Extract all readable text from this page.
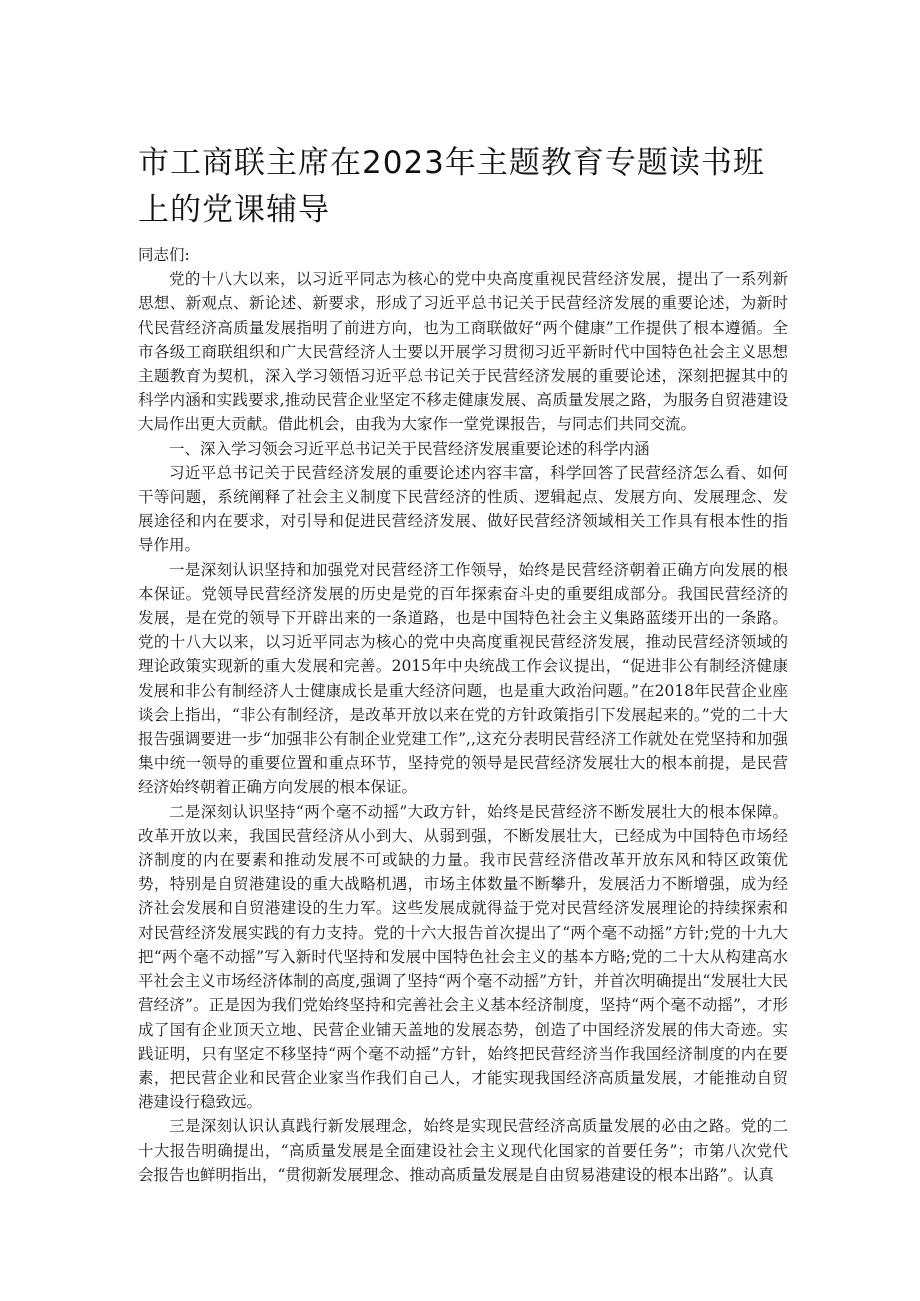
市工商联主席在2023年主题教育专题读书班上的党课辅导

同志们:

党的十八大以来，以习近平同志为核心的党中央高度重视民营经济发展，提出了一系列新思想、新观点、新论述、新要求，形成了习近平总书记关于民营经济发展的重要论述，为新时代民营经济高质量发展指明了前进方向，也为工商联做好“两个健康”工作提供了根本遵循。全市各级工商联组织和广大民营经济人士要以开展学习贯彻习近平新时代中国特色社会主义思想主题教育为契机，深入学习领悟习近平总书记关于民营经济发展的重要论述，深刻把握其中的科学内涵和实践要求,推动民营企业坚定不移走健康发展、高质量发展之路，为服务自贸港建设大局作出更大贡献。借此机会，由我为大家作一堂党课报告，与同志们共同交流。

一、深入学习领会习近平总书记关于民营经济发展重要论述的科学内涵

习近平总书记关于民营经济发展的重要论述内容丰富，科学回答了民营经济怎么看、如何干等问题，系统阐释了社会主义制度下民营经济的性质、逻辑起点、发展方向、发展理念、发展途径和内在要求，对引导和促进民营经济发展、做好民营经济领域相关工作具有根本性的指导作用。

一是深刻认识坚持和加强党对民营经济工作领导，始终是民营经济朝着正确方向发展的根本保证。党领导民营经济发展的历史是党的百年探索奋斗史的重要组成部分。我国民营经济的发展，是在党的领导下开辟出来的一条道路，也是中国特色社会主义集路蓝缕开出的一条路。党的十八大以来，以习近平同志为核心的党中央高度重视民营经济发展，推动民营经济领域的理论政策实现新的重大发展和完善。2015年中央统战工作会议提出，“促进非公有制经济健康发展和非公有制经济人士健康成长是重大经济问题，也是重大政治问题。”在2018年民营企业座谈会上指出，“非公有制经济，是改革开放以来在党的方针政策指引下发展起来的。”党的二十大报告强调要进一步“加强非公有制企业党建工作”,,这充分表明民营经济工作就处在党坚持和加强集中统一领导的重要位置和重点环节，坚持党的领导是民营经济发展壮大的根本前提，是民营经济始终朝着正确方向发展的根本保证。

二是深刻认识坚持“两个毫不动摇”大政方针，始终是民营经济不断发展壮大的根本保障。改革开放以来，我国民营经济从小到大、从弱到强，不断发展壮大，已经成为中国特色市场经济制度的内在要素和推动发展不可或缺的力量。我市民营经济借改革开放东风和特区政策优势，特别是自贸港建设的重大战略机遇，市场主体数量不断攀升，发展活力不断增强，成为经济社会发展和自贸港建设的生力军。这些发展成就得益于党对民营经济发展理论的持续探索和对民营经济发展实践的有力支持。党的十六大报告首次提出了“两个毫不动摇”方针;党的十九大把“两个毫不动摇”写入新时代坚持和发展中国特色社会主义的基本方略;党的二十大从构建高水平社会主义市场经济体制的高度,强调了坚持“两个毫不动摇”方针，并首次明确提出“发展壮大民营经济”。正是因为我们党始终坚持和完善社会主义基本经济制度，坚持“两个毫不动摇”，才形成了国有企业顶天立地、民营企业铺天盖地的发展态势，创造了中国经济发展的伟大奇迹。实践证明，只有坚定不移坚持“两个毫不动摇”方针，始终把民营经济当作我国经济制度的内在要素，把民营企业和民营企业家当作我们自己人，才能实现我国经济高质量发展，才能推动自贸港建设行稳致远。

三是深刻认识认真践行新发展理念，始终是实现民营经济高质量发展的必由之路。党的二十大报告明确提出，“高质量发展是全面建设社会主义现代化国家的首要任务”；市第八次党代会报告也鲜明指出，“贯彻新发展理念、推动高质量发展是自由贸易港建设的根本出路”。认真
